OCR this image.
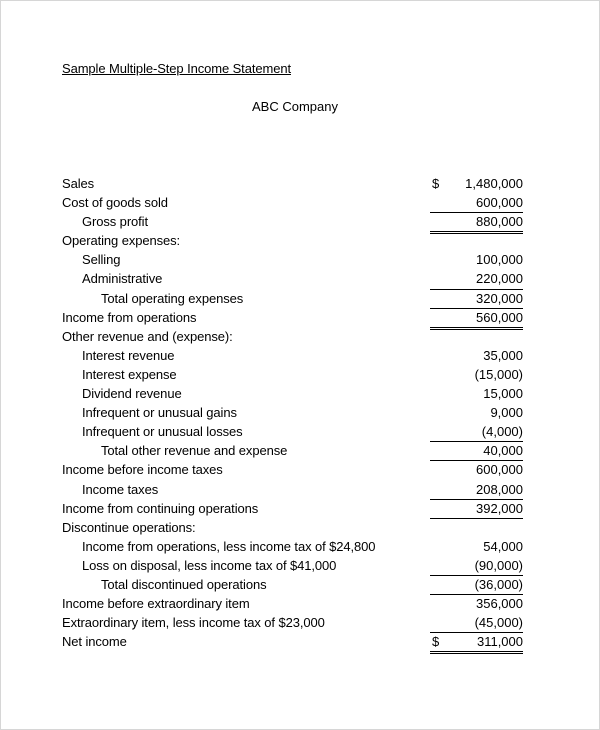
Sample Multiple-Step Income Statement
ABC Company
Sales	$	1,480,000
Cost of goods sold	600,000
Gross profit	880,000
Operating expenses:
Selling	100,000
Administrative	220,000
Total operating expenses	320,000
Income from operations	560,000
Other revenue and (expense):
Interest revenue	35,000
Interest expense	(15,000)
Dividend revenue	15,000
Infrequent or unusual gains	9,000
Infrequent or unusual losses	(4,000)
Total other revenue and expense	40,000
Income before income taxes	600,000
Income taxes	208,000
Income from continuing operations	392,000
Discontinue operations:
Income from operations, less income tax of $24,800	54,000
Loss on disposal, less income tax of $41,000	(90,000)
Total discontinued operations	(36,000)
Income before extraordinary item	356,000
Extraordinary item, less income tax of $23,000	(45,000)
Net income	$	311,000
